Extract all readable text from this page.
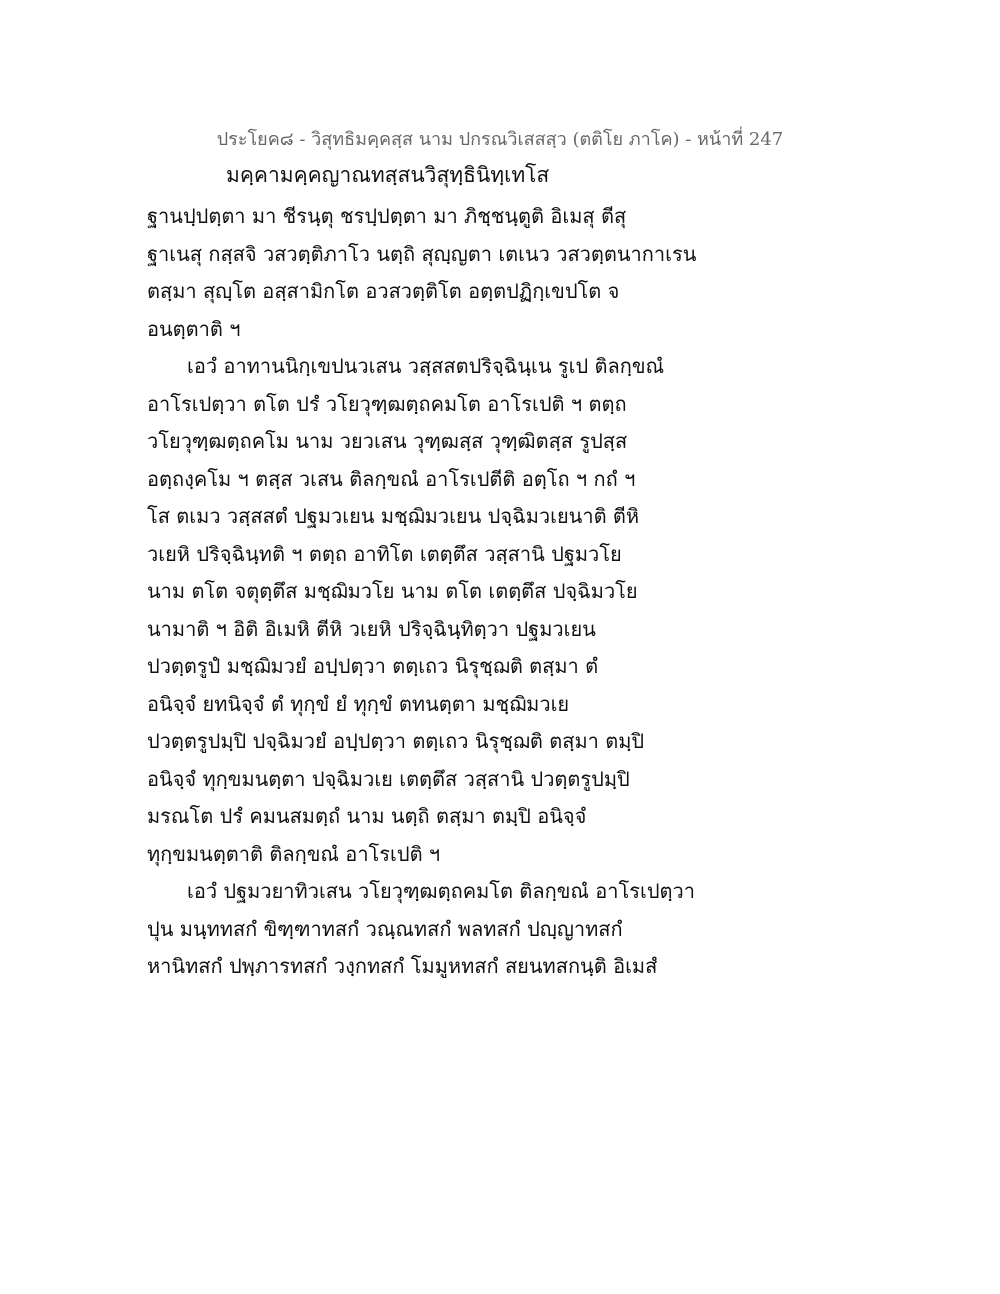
ประโยค๘ - วิสุทธิมคฺคสฺส นาม ปกรณวิเสสสฺว (ตติโย ภาโค) - หน้าที่ 247
มคฺคามคฺคญาณทสฺสนวิสุทฺธินิทฺเทโส
ฐานปฺปตฺตา มา ชีรนฺตุ ชรปฺปตฺตา มา ภิชฺชนฺตูติ อิเมสุ ตีสุ
ฐาเนสุ กสฺสจิ วสวตฺติภาโว นตฺถิ สุญฺญตา เตเนว วสวตฺตนากาเรน
ตสฺมา สุญฺโต อสฺสามิกโต อวสวตฺติโต อตฺตปฏิกฺเขปโต จ
อนตฺตาติ ฯ
เอวํ อาทานนิกฺเขปนวเสน วสฺสสตปริจฺฉินฺเน รูเป ติลกฺขณํ
อาโรเปตฺวา ตโต ปรํ วโยวุฑฺฒตฺถคมโต อาโรเปติ ฯ ตตฺถ
วโยวุฑฺฒตฺถคโม นาม วยวเสน วุฑฺฒสฺส วุฑฺฒิตสฺส รูปสฺส
อตฺถงฺคโม ฯ ตสฺส วเสน ติลกฺขณํ อาโรเปตีติ อตฺโถ ฯ กถํ ฯ
โส ตเมว วสฺสสตํ ปฐมวเยน มชฺฌิมวเยน ปจฺฉิมวเยนาติ ตีหิ
วเยหิ ปริจฺฉินฺทติ ฯ ตตฺถ อาทิโต เตตฺตึส วสฺสานิ ปฐมวโย
นาม ตโต จตุตฺตึส มชฺฌิมวโย นาม ตโต เตตฺตึส ปจฺฉิมวโย
นามาติ ฯ อิติ อิเมหิ ตีหิ วเยหิ ปริจฺฉินฺทิตฺวา ปฐมวเยน
ปวตฺตรูปํ มชฺฌิมวยํ อปฺปตฺวา ตตฺเถว นิรุชฺฌติ ตสฺมา ตํ
อนิจฺจํ ยทนิจฺจํ ตํ ทุกฺขํ ยํ ทุกฺขํ ตทนตฺตา มชฺฌิมวเย
ปวตฺตรูปมฺปิ ปจฺฉิมวยํ อปฺปตฺวา ตตฺเถว นิรุชฺฌติ ตสฺมา ตมฺปิ
อนิจฺจํ ทุกฺขมนตฺตา ปจฺฉิมวเย เตตฺตึส วสฺสานิ ปวตฺตรูปมฺปิ
มรณโต ปรํ คมนสมตฺถํ นาม นตฺถิ ตสฺมา ตมฺปิ อนิจฺจํ
ทุกฺขมนตฺตาติ ติลกฺขณํ อาโรเปติ ฯ
เอวํ ปฐมวยาทิวเสน วโยวุฑฺฒตฺถคมโต ติลกฺขณํ อาโรเปตฺวา
ปุน มนฺททสกํ ขิฑฺฑาทสกํ วณฺณทสกํ พลทสกํ ปญฺญาทสกํ
หานิทสกํ ปพฺภารทสกํ วงฺกทสกํ โมมูหทสกํ สยนทสกนฺติ อิเมสํ
